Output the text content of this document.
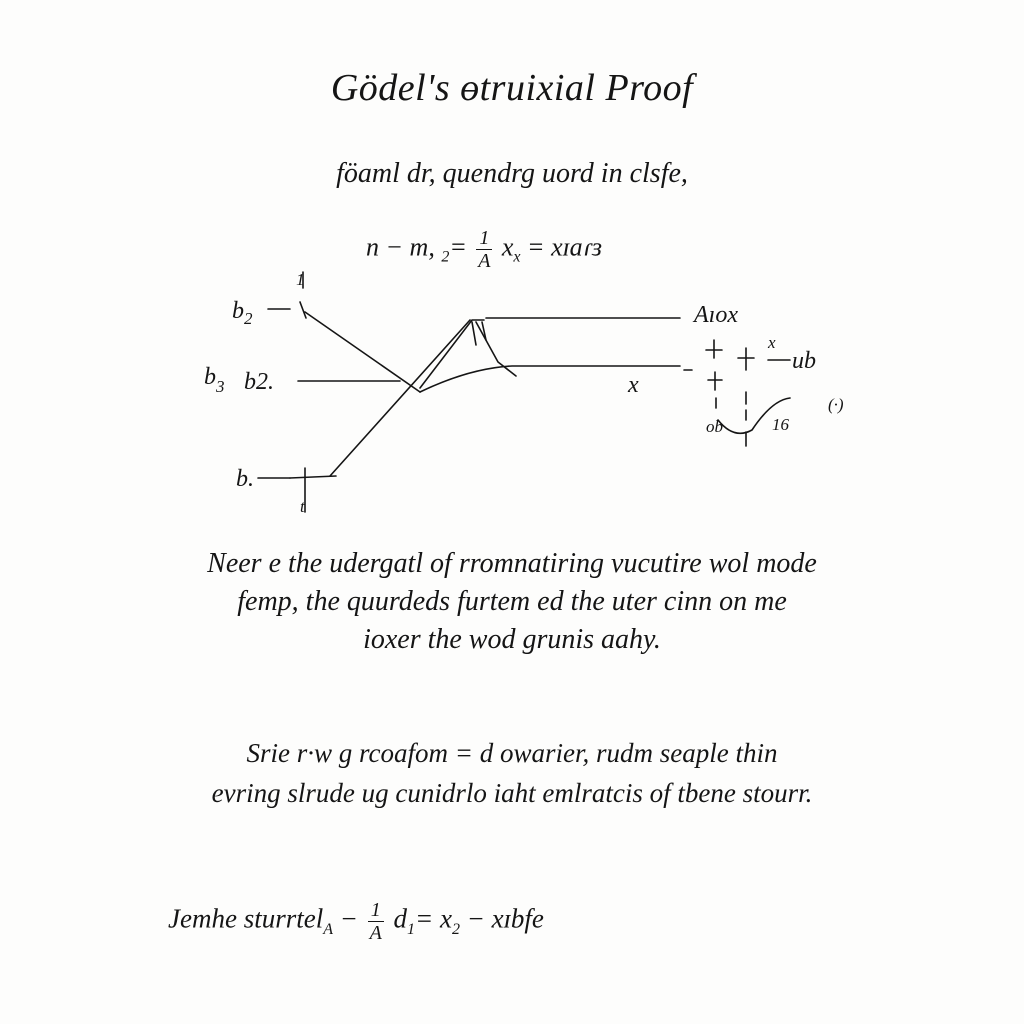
Gödel's ɵtruixial Proof
föaml dr, quendrg uord in clsfe,
n − m, $_2= \frac{1}{A} x_x$ = xɪaɾɜ
$b_2$
1
$b_3$ b2.
b.
t
Aıox
x
x
ub
ob	16
(·)
Neer e the udergatl of rromnatiring vucutire wol mode
femp, the quurdeds furtem ed the uter cinn on me
ioxer the wod grunis aahy.
Srie r·w g rcoafom = d owarier, rudm seaple thin
evring slrude ug cunidrlo iaht emlratcis of tbene stourr.
Jemhe sturrtel$_A$ − $\frac{1}{A} d_1= x_2$ − xɪbfe
